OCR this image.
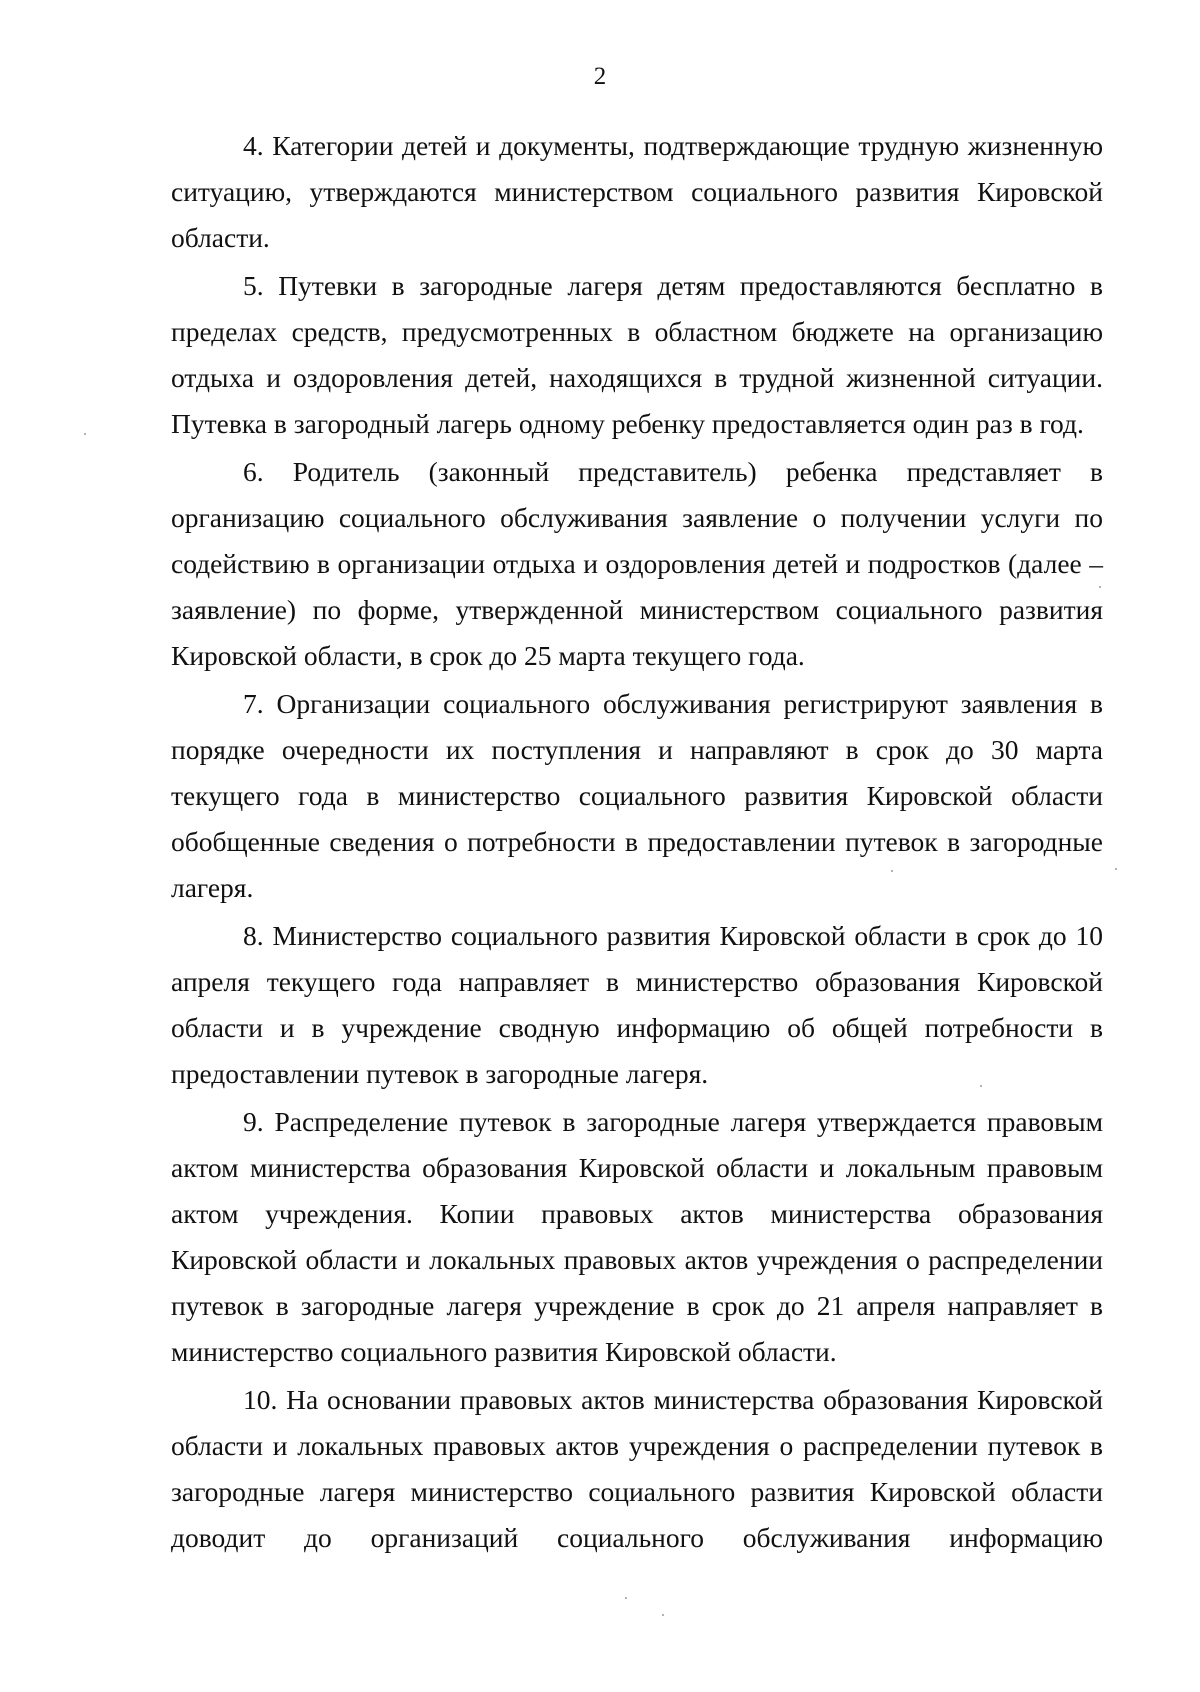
2

4. Категории детей и документы, подтверждающие трудную жизненную ситуацию, утверждаются министерством социального развития Кировской области.

5. Путевки в загородные лагеря детям предоставляются бесплатно в пределах средств, предусмотренных в областном бюджете на организацию отдыха и оздоровления детей, находящихся в трудной жизненной ситуации. Путевка в загородный лагерь одному ребенку предоставляется один раз в год.

6. Родитель (законный представитель) ребенка представляет в организацию социального обслуживания заявление о получении услуги по содействию в организации отдыха и оздоровления детей и подростков (далее – заявление) по форме, утвержденной министерством социального развития Кировской области, в срок до 25 марта текущего года.

7. Организации социального обслуживания регистрируют заявления в порядке очередности их поступления и направляют в срок до 30 марта текущего года в министерство социального развития Кировской области обобщенные сведения о потребности в предоставлении путевок в загородные лагеря.

8. Министерство социального развития Кировской области в срок до 10 апреля текущего года направляет в министерство образования Кировской области и в учреждение сводную информацию об общей потребности в предоставлении путевок в загородные лагеря.

9. Распределение путевок в загородные лагеря утверждается правовым актом министерства образования Кировской области и локальным правовым актом учреждения. Копии правовых актов министерства образования Кировской области и локальных правовых актов учреждения о распределении путевок в загородные лагеря учреждение в срок до 21 апреля направляет в министерство социального развития Кировской области.

10. На основании правовых актов министерства образования Кировской области и локальных правовых актов учреждения о распределении путевок в загородные лагеря министерство социального развития Кировской области доводит до организаций социального обслуживания информацию
